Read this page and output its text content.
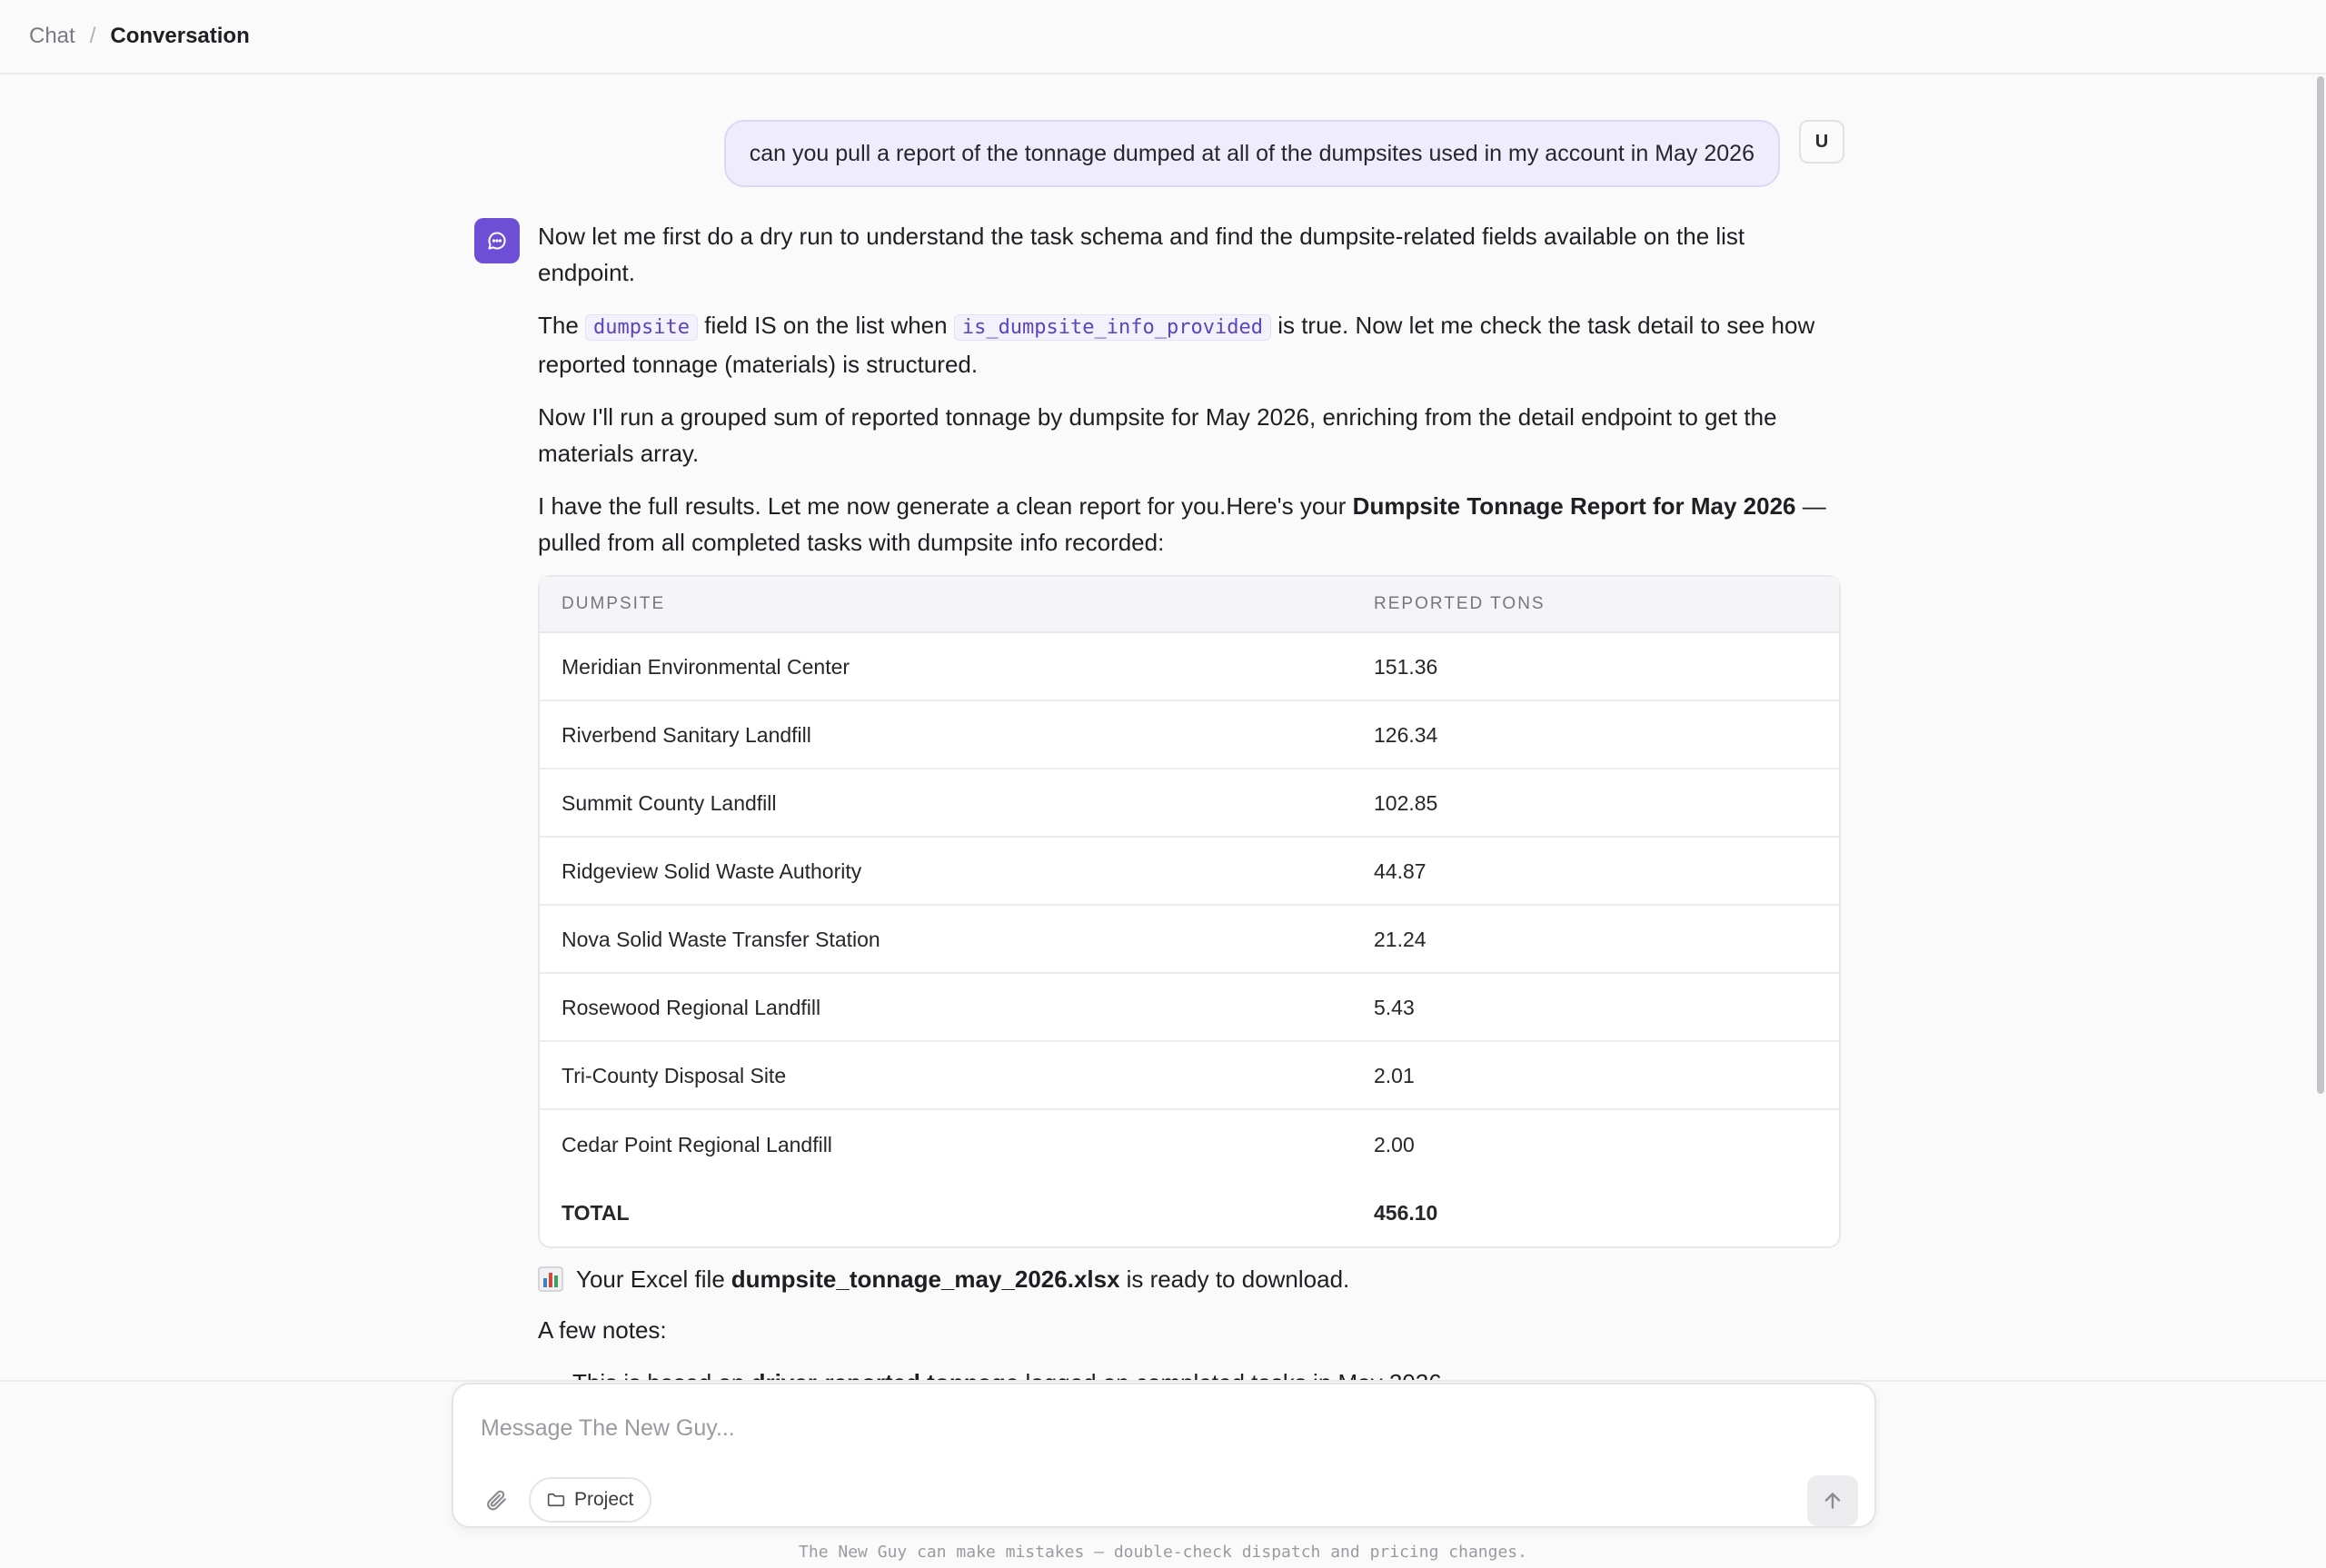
Chat / Conversation
can you pull a report of the tonnage dumped at all of the dumpsites used in my account in May 2026	U

Now let me first do a dry run to understand the task schema and find the dumpsite-related fields available on the list endpoint.

The dumpsite field IS on the list when is_dumpsite_info_provided is true. Now let me check the task detail to see how reported tonnage (materials) is structured.

Now I'll run a grouped sum of reported tonnage by dumpsite for May 2026, enriching from the detail endpoint to get the materials array.

I have the full results. Let me now generate a clean report for you.Here's your Dumpsite Tonnage Report for May 2026 — pulled from all completed tasks with dumpsite info recorded:

DUMPSITE	REPORTED TONS
Meridian Environmental Center	151.36
Riverbend Sanitary Landfill	126.34
Summit County Landfill	102.85
Ridgeview Solid Waste Authority	44.87
Nova Solid Waste Transfer Station	21.24
Rosewood Regional Landfill	5.43
Tri-County Disposal Site	2.01
Cedar Point Regional Landfill	2.00
TOTAL	456.10
Your Excel file dumpsite_tonnage_may_2026.xlsx is ready to download.

A few notes:

•
Message The New Guy...
Project
The New Guy can make mistakes — double-check dispatch and pricing changes.
